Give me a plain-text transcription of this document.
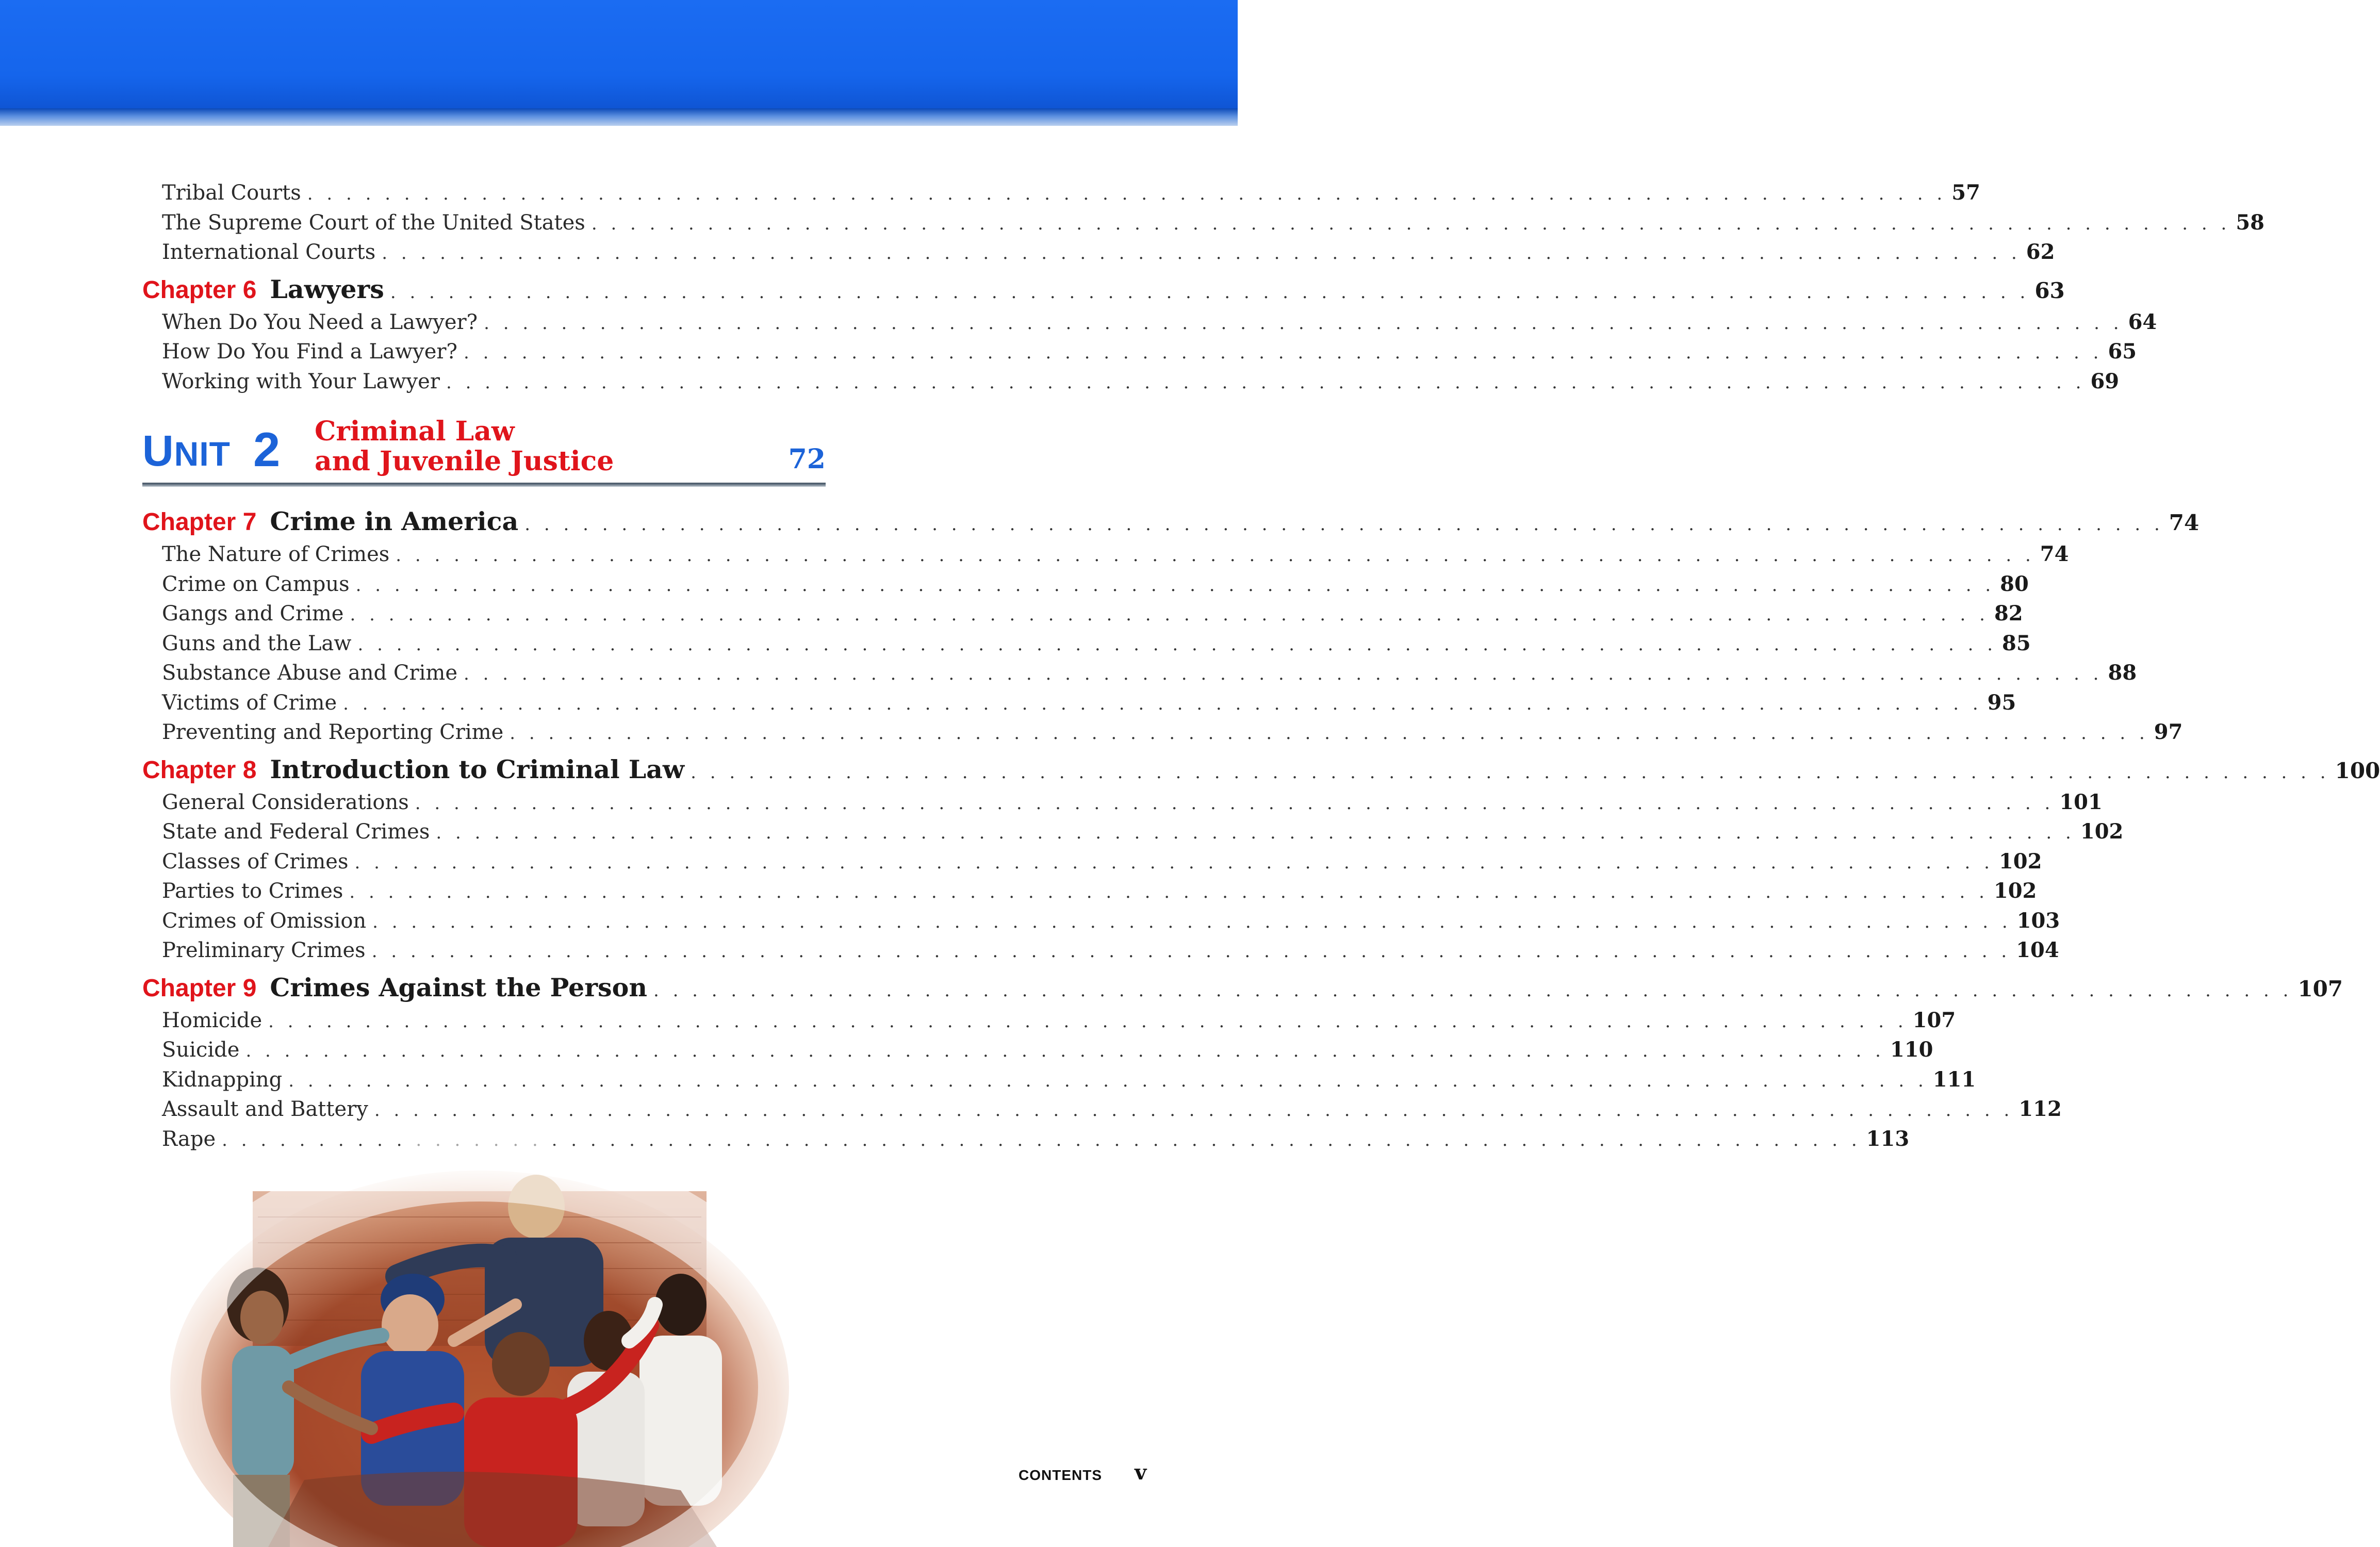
Tribal Courts . . . . . . . . . . . . . . . . . . . . . . . . . . . . . . . . . . . . . . . . . . . . . . . . . . . . . . . . . . . . . . . . . . . . . . . . . . . . . . . . . . . . . 57
The Supreme Court of the United States . . . . . . . . . . . . . . . . . . . . . . . . . . . . . . . . . . . . . . . . . . . . . . . . . . . . . . . . . . . . . . . . . . . . . . . . . . . . . . . . . . . . . 58
International Courts . . . . . . . . . . . . . . . . . . . . . . . . . . . . . . . . . . . . . . . . . . . . . . . . . . . . . . . . . . . . . . . . . . . . . . . . . . . . . . . . . . . . . 62
Chapter 6 Lawyers . . . . . . . . . . . . . . . . . . . . . . . . . . . . . . . . . . . . . . . . . . . . . . . . . . . . . . . . . . . . . . . . . . . . . . . . . . . . . . . . . . . . . 63
When Do You Need a Lawyer? . . . . . . . . . . . . . . . . . . . . . . . . . . . . . . . . . . . . . . . . . . . . . . . . . . . . . . . . . . . . . . . . . . . . . . . . . . . . . . . . . . . . . 64
How Do You Find a Lawyer? . . . . . . . . . . . . . . . . . . . . . . . . . . . . . . . . . . . . . . . . . . . . . . . . . . . . . . . . . . . . . . . . . . . . . . . . . . . . . . . . . . . . . 65
Working with Your Lawyer . . . . . . . . . . . . . . . . . . . . . . . . . . . . . . . . . . . . . . . . . . . . . . . . . . . . . . . . . . . . . . . . . . . . . . . . . . . . . . . . . . . . . 69
UNIT 2 Criminal Law
and Juvenile Justice	72
Chapter 7 Crime in America . . . . . . . . . . . . . . . . . . . . . . . . . . . . . . . . . . . . . . . . . . . . . . . . . . . . . . . . . . . . . . . . . . . . . . . . . . . . . . . . . . . . . 74
The Nature of Crimes . . . . . . . . . . . . . . . . . . . . . . . . . . . . . . . . . . . . . . . . . . . . . . . . . . . . . . . . . . . . . . . . . . . . . . . . . . . . . . . . . . . . . 74
Crime on Campus . . . . . . . . . . . . . . . . . . . . . . . . . . . . . . . . . . . . . . . . . . . . . . . . . . . . . . . . . . . . . . . . . . . . . . . . . . . . . . . . . . . . . 80
Gangs and Crime . . . . . . . . . . . . . . . . . . . . . . . . . . . . . . . . . . . . . . . . . . . . . . . . . . . . . . . . . . . . . . . . . . . . . . . . . . . . . . . . . . . . . 82
Guns and the Law . . . . . . . . . . . . . . . . . . . . . . . . . . . . . . . . . . . . . . . . . . . . . . . . . . . . . . . . . . . . . . . . . . . . . . . . . . . . . . . . . . . . . 85
Substance Abuse and Crime . . . . . . . . . . . . . . . . . . . . . . . . . . . . . . . . . . . . . . . . . . . . . . . . . . . . . . . . . . . . . . . . . . . . . . . . . . . . . . . . . . . . . 88
Victims of Crime . . . . . . . . . . . . . . . . . . . . . . . . . . . . . . . . . . . . . . . . . . . . . . . . . . . . . . . . . . . . . . . . . . . . . . . . . . . . . . . . . . . . . 95
Preventing and Reporting Crime . . . . . . . . . . . . . . . . . . . . . . . . . . . . . . . . . . . . . . . . . . . . . . . . . . . . . . . . . . . . . . . . . . . . . . . . . . . . . . . . . . . . . 97
Chapter 8 Introduction to Criminal Law . . . . . . . . . . . . . . . . . . . . . . . . . . . . . . . . . . . . . . . . . . . . . . . . . . . . . . . . . . . . . . . . . . . . . . . . . . . . . . . . . . . . . 100
General Considerations . . . . . . . . . . . . . . . . . . . . . . . . . . . . . . . . . . . . . . . . . . . . . . . . . . . . . . . . . . . . . . . . . . . . . . . . . . . . . . . . . . . . . 101
State and Federal Crimes . . . . . . . . . . . . . . . . . . . . . . . . . . . . . . . . . . . . . . . . . . . . . . . . . . . . . . . . . . . . . . . . . . . . . . . . . . . . . . . . . . . . . 102
Classes of Crimes . . . . . . . . . . . . . . . . . . . . . . . . . . . . . . . . . . . . . . . . . . . . . . . . . . . . . . . . . . . . . . . . . . . . . . . . . . . . . . . . . . . . . 102
Parties to Crimes . . . . . . . . . . . . . . . . . . . . . . . . . . . . . . . . . . . . . . . . . . . . . . . . . . . . . . . . . . . . . . . . . . . . . . . . . . . . . . . . . . . . . 102
Crimes of Omission . . . . . . . . . . . . . . . . . . . . . . . . . . . . . . . . . . . . . . . . . . . . . . . . . . . . . . . . . . . . . . . . . . . . . . . . . . . . . . . . . . . . . 103
Preliminary Crimes . . . . . . . . . . . . . . . . . . . . . . . . . . . . . . . . . . . . . . . . . . . . . . . . . . . . . . . . . . . . . . . . . . . . . . . . . . . . . . . . . . . . . 104
Chapter 9 Crimes Against the Person . . . . . . . . . . . . . . . . . . . . . . . . . . . . . . . . . . . . . . . . . . . . . . . . . . . . . . . . . . . . . . . . . . . . . . . . . . . . . . . . . . . . . 107
Homicide . . . . . . . . . . . . . . . . . . . . . . . . . . . . . . . . . . . . . . . . . . . . . . . . . . . . . . . . . . . . . . . . . . . . . . . . . . . . . . . . . . . . . 107
Suicide . . . . . . . . . . . . . . . . . . . . . . . . . . . . . . . . . . . . . . . . . . . . . . . . . . . . . . . . . . . . . . . . . . . . . . . . . . . . . . . . . . . . . 110
Kidnapping . . . . . . . . . . . . . . . . . . . . . . . . . . . . . . . . . . . . . . . . . . . . . . . . . . . . . . . . . . . . . . . . . . . . . . . . . . . . . . . . . . . . . 111
Assault and Battery . . . . . . . . . . . . . . . . . . . . . . . . . . . . . . . . . . . . . . . . . . . . . . . . . . . . . . . . . . . . . . . . . . . . . . . . . . . . . . . . . . . . . 112
Rape . . . . . . . . . . . . . . . . . . . . . . . . . . . . . . . . . . . . . . . . . . . . . . . . . . . . . . . . . . . . . . . . . . . . . . . . . . . . . . . . . . . . . 113
CONTENTS v
